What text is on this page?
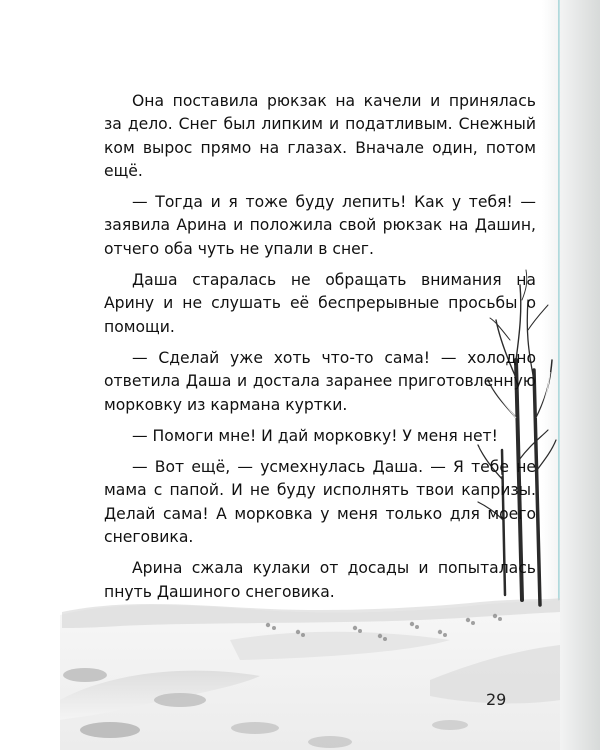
Она поставила рюкзак на качели и принялась за дело. Снег был липким и податливым. Снежный ком вырос прямо на глазах. Вначале один, потом ещё.

— Тогда и я тоже буду лепить! Как у тебя! — заявила Арина и положила свой рюкзак на Дашин, отчего оба чуть не упали в снег.

Даша старалась не обращать внимания на Арину и не слушать её беспрерывные просьбы о помощи.

— Сделай уже хоть что-то сама! — холодно ответила Даша и достала заранее приготовленную морковку из кармана куртки.

— Помоги мне! И дай морковку! У меня нет!

— Вот ещё, — усмехнулась Даша. — Я тебе не мама с папой. И не буду исполнять твои капризы. Делай сама! А морковка у меня только для моего снеговика.

Арина сжала кулаки от досады и попыталась пнуть Дашиного снеговика.

29
